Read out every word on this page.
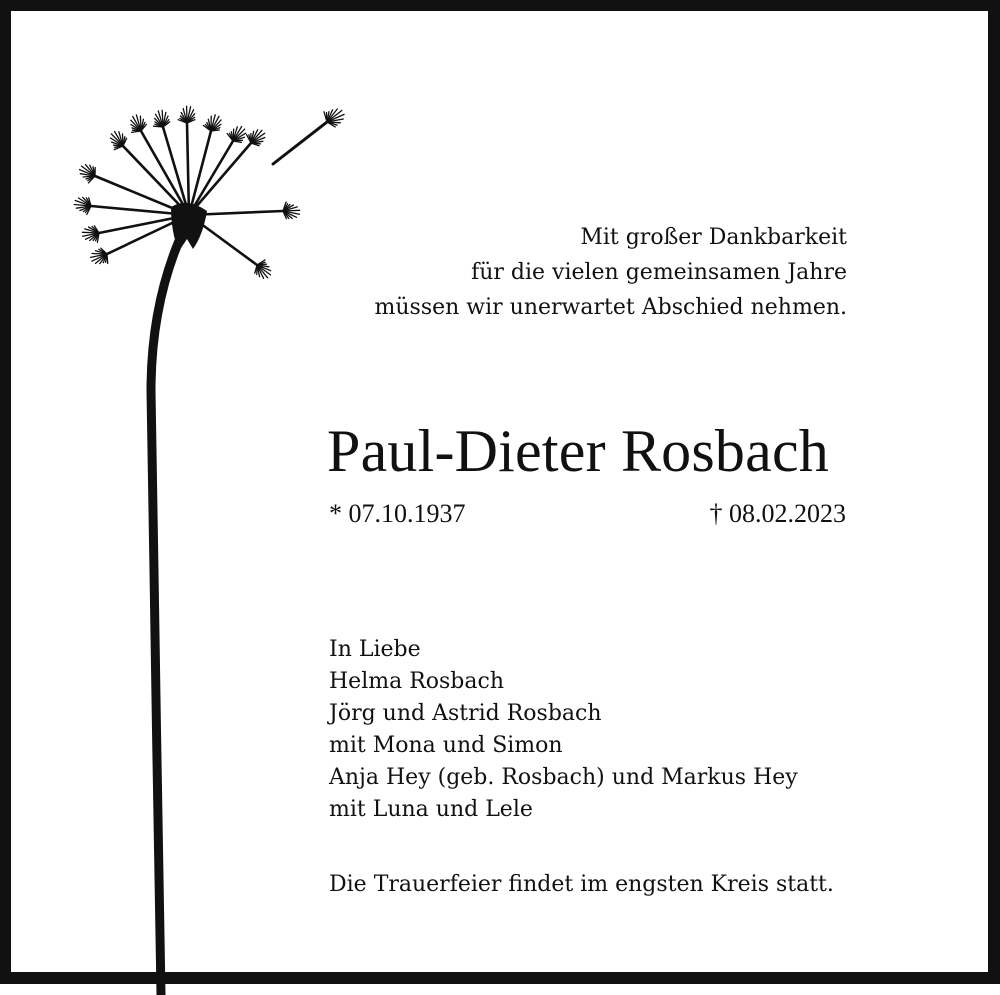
Mit großer Dankbarkeit
für die vielen gemeinsamen Jahre
müssen wir unerwartet Abschied nehmen.
Paul-Dieter Rosbach
* 07.10.1937	† 08.02.2023
In Liebe
Helma Rosbach
Jörg und Astrid Rosbach
mit Mona und Simon
Anja Hey (geb. Rosbach) und Markus Hey
mit Luna und Lele
Die Trauerfeier findet im engsten Kreis statt.
